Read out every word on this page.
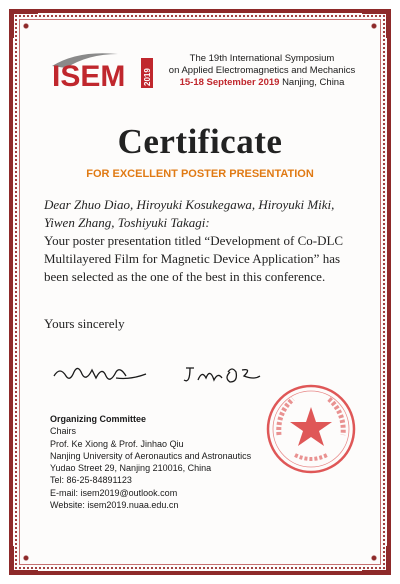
ISEM 2019
The 19th International Symposium
on Applied Electromagnetics and Mechanics
15-18 September 2019 Nanjing, China
Certificate
FOR EXCELLENT POSTER PRESENTATION
Dear Zhuo Diao, Hiroyuki Kosukegawa, Hiroyuki Miki, Yiwen Zhang, Toshiyuki Takagi:
Your poster presentation titled “Development of Co-DLC Multilayered Film for Magnetic Device Application” has been selected as the one of the best in this conference.
Yours sincerely
Organizing Committee
Chairs
Prof. Ke Xiong & Prof. Jinhao Qiu
Nanjing University of Aeronautics and Astronautics
Yudao Street 29, Nanjing 210016, China
Tel: 86-25-84891123
E-mail: isem2019@outlook.com
Website: isem2019.nuaa.edu.cn
